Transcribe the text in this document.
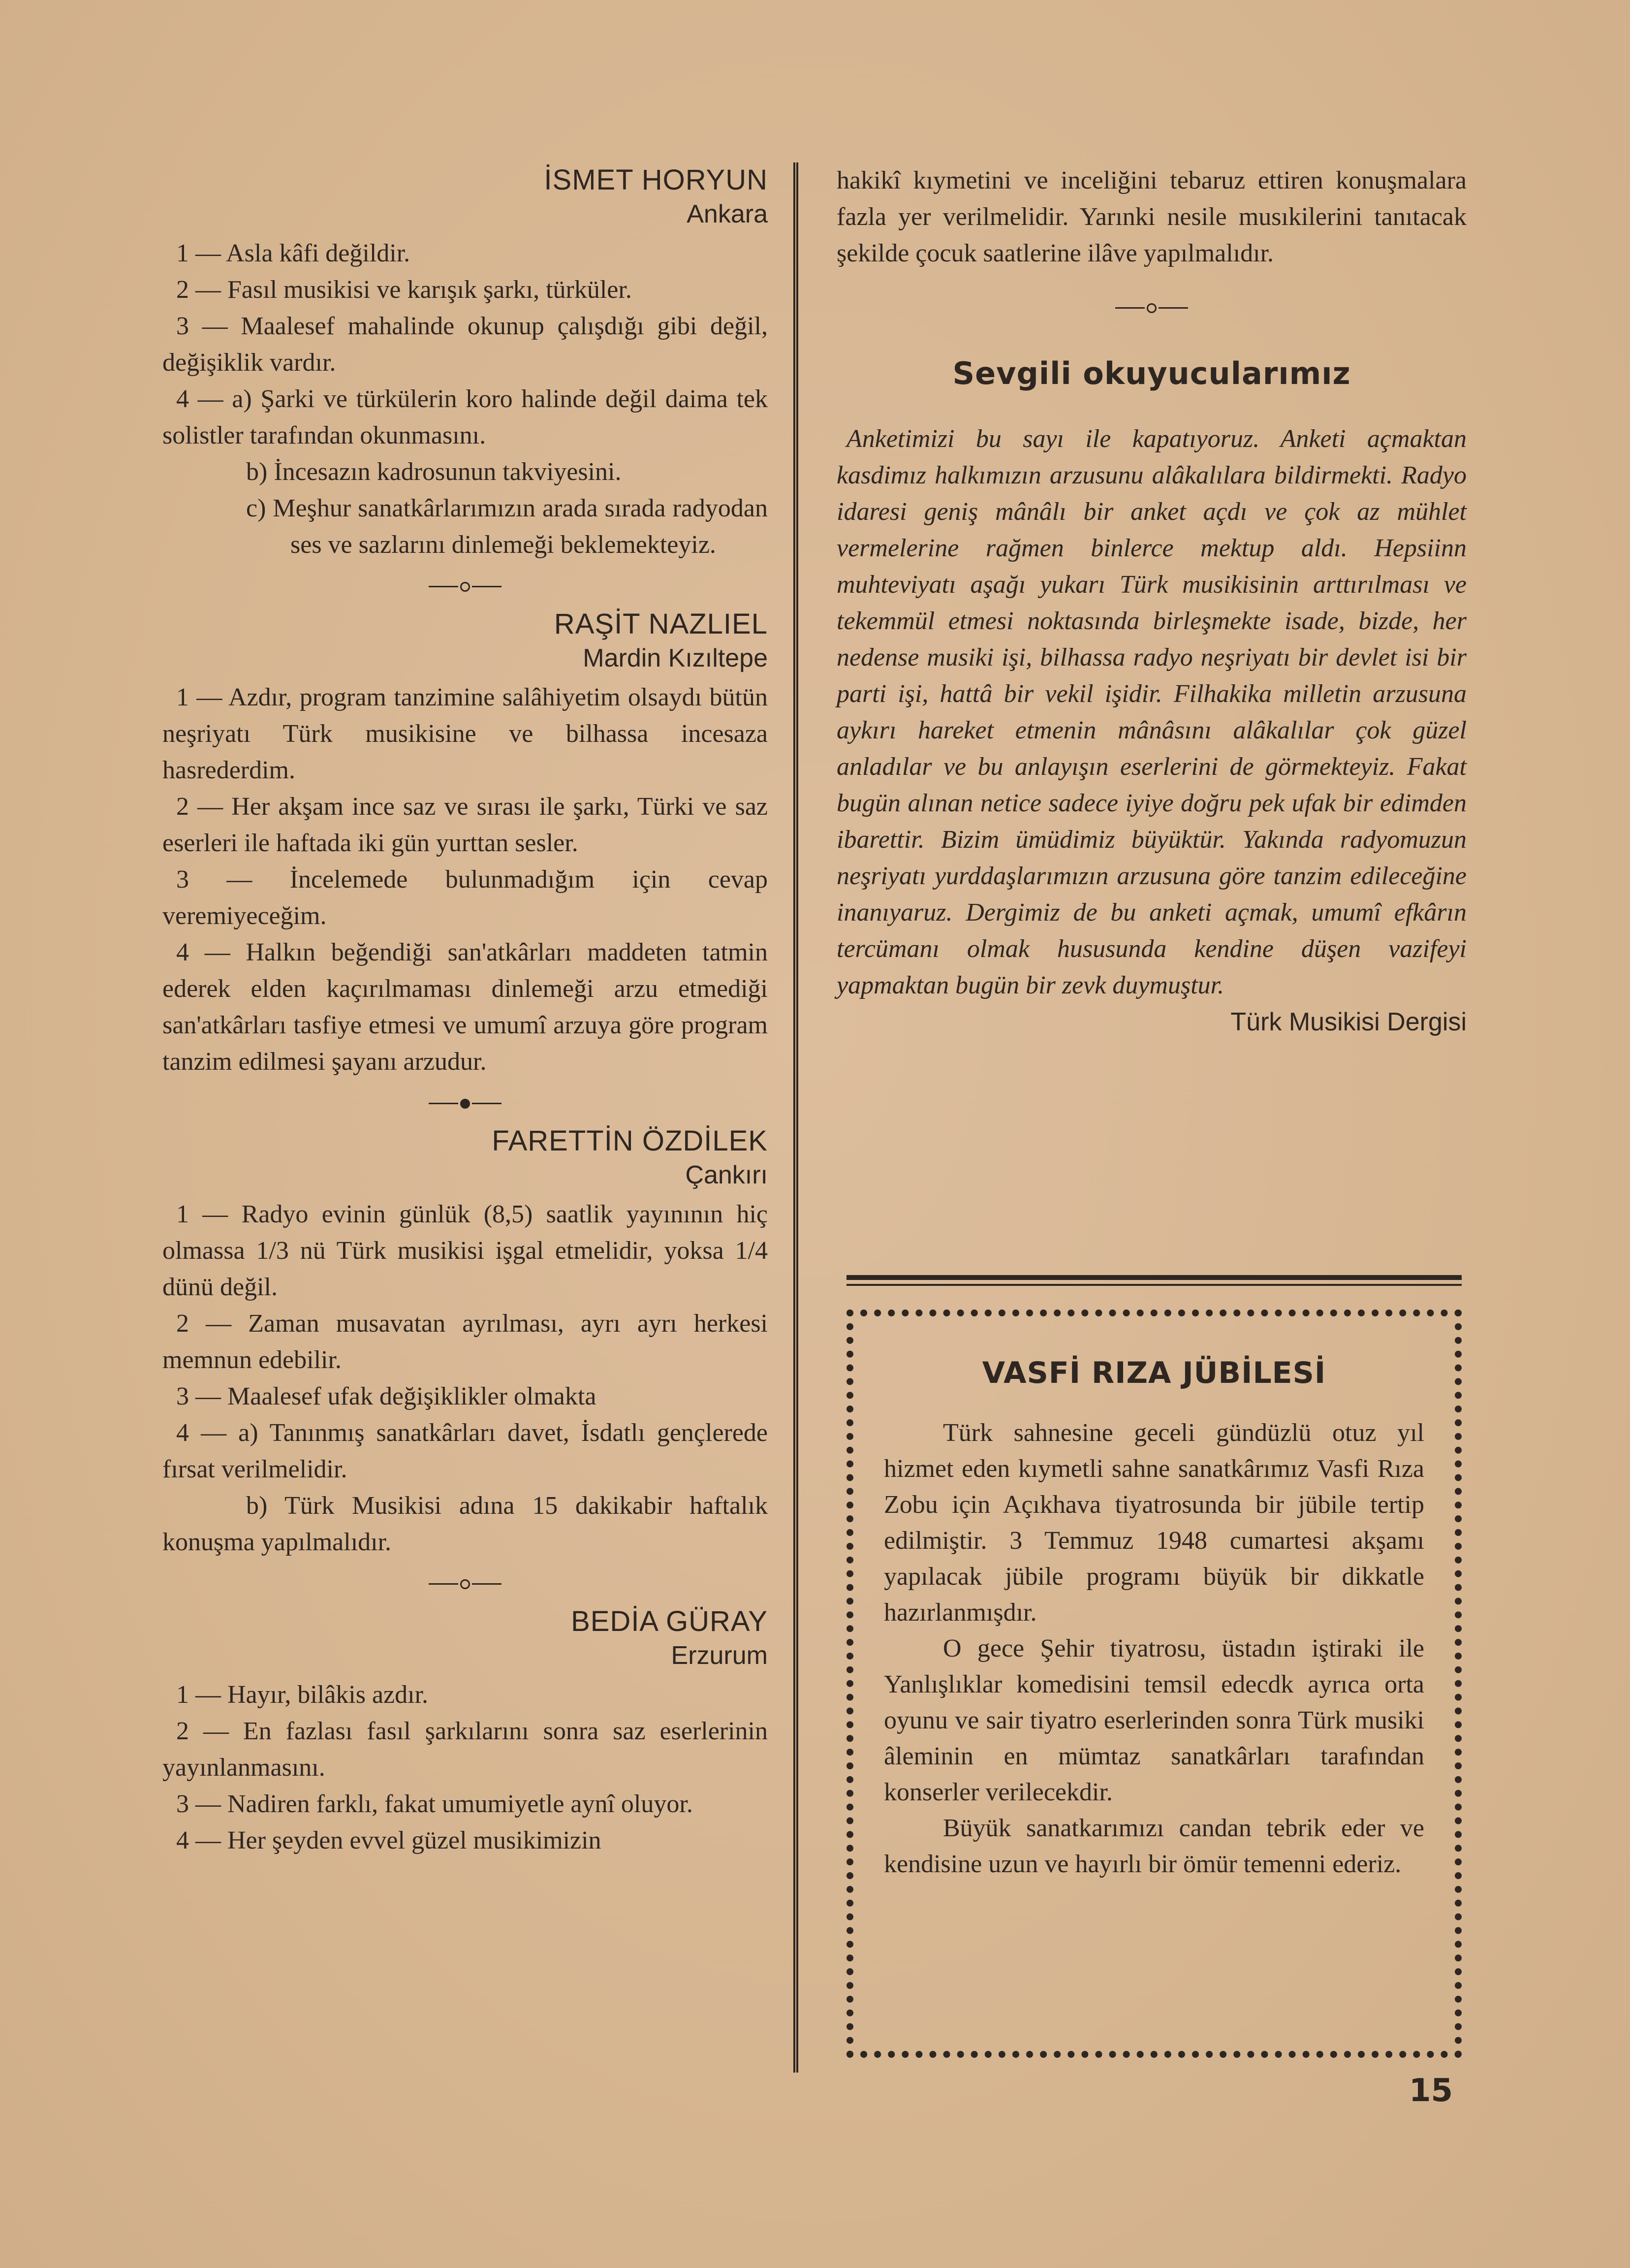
İSMET HORYUN

Ankara

1 — Asla kâfi değildir.

2 — Fasıl musikisi ve karışık şarkı, türküler.

3 — Maalesef mahalinde okunup çalışdığı gibi değil, değişiklik vardır.

4 — a) Şarki ve türkülerin koro halinde değil daima tek solistler tarafından okunmasını.

b) İncesazın kadrosunun takviyesini.

c) Meşhur sanatkârlarımızın arada sırada radyodan ses ve sazlarını dinlemeği beklemekteyiz.

RAŞİT NAZLIEL

Mardin Kızıltepe

1 — Azdır, program tanzimine salâhiyetim olsaydı bütün neşriyatı Türk musikisine ve bilhassa incesaza hasrederdim.

2 — Her akşam ince saz ve sırası ile şarkı, Türki ve saz eserleri ile haftada iki gün yurttan sesler.

3 — İncelemede bulunmadığım için cevap veremiyeceğim.

4 — Halkın beğendiği san'atkârları maddeten tatmin ederek elden kaçırılmaması dinlemeği arzu etmediği san'atkârları tasfiye etmesi ve umumî arzuya göre program tanzim edilmesi şayanı arzudur.

FARETTİN ÖZDİLEK

Çankırı

1 — Radyo evinin günlük (8,5) saatlik yayınının hiç olmassa 1/3 nü Türk musikisi işgal etmelidir, yoksa 1/4 dünü değil.

2 — Zaman musavatan ayrılması, ayrı ayrı herkesi memnun edebilir.

3 — Maalesef ufak değişiklikler olmakta

4 — a) Tanınmış sanatkârları davet, İsdatlı gençlerede fırsat verilmelidir.

b) Türk Musikisi adına 15 dakikabir haftalık konuşma yapılmalıdır.

BEDİA GÜRAY

Erzurum

1 — Hayır, bilâkis azdır.

2 — En fazlası fasıl şarkılarını sonra saz eserlerinin yayınlanmasını.

3 — Nadiren farklı, fakat umumiyetle aynî oluyor.

4 — Her şeyden evvel güzel musikimizin

hakikî kıymetini ve inceliğini tebaruz ettiren konuşmalara fazla yer verilmelidir. Yarınki nesile musıkilerini tanıtacak şekilde çocuk saatlerine ilâve yapılmalıdır.

Sevgili okuyucularımız

Anketimizi bu sayı ile kapatıyoruz. Anketi açmaktan kasdimız halkımızın arzusunu alâkalılara bildirmekti. Radyo idaresi geniş mânâlı bir anket açdı ve çok az mühlet vermelerine rağmen binlerce mektup aldı. Hepsiinn muhteviyatı aşağı yukarı Türk musikisinin arttırılması ve tekemmül etmesi noktasında birleşmekte isade, bizde, her nedense musiki işi, bilhassa radyo neşriyatı bir devlet isi bir parti işi, hattâ bir vekil işidir. Filhakika milletin arzusuna aykırı hareket etmenin mânâsını alâkalılar çok güzel anladılar ve bu anlayışın eserlerini de görmekteyiz. Fakat bugün alınan netice sadece iyiye doğru pek ufak bir edimden ibarettir. Bizim ümüdimiz büyüktür. Yakında radyomuzun neşriyatı yurddaşlarımızın arzusuna göre tanzim edileceğine inanıyaruz. Dergimiz de bu anketi açmak, umumî efkârın tercümanı olmak hususunda kendine düşen vazifeyi yapmaktan bugün bir zevk duymuştur.

Türk Musikisi Dergisi

VASFİ RIZA JÜBİLESİ

Türk sahnesine geceli gündüzlü otuz yıl hizmet eden kıymetli sahne sanatkârımız Vasfi Rıza Zobu için Açıkhava tiyatrosunda bir jübile tertip edilmiştir. 3 Temmuz 1948 cumartesi akşamı yapılacak jübile programı büyük bir dikkatle hazırlanmışdır.

O gece Şehir tiyatrosu, üstadın iştiraki ile Yanlışlıklar komedisini temsil edecdk ayrıca orta oyunu ve sair tiyatro eserlerinden sonra Türk musiki âleminin en mümtaz sanatkârları tarafından konserler verilecekdir.

Büyük sanatkarımızı candan tebrik eder ve kendisine uzun ve hayırlı bir ömür temenni ederiz.

15
